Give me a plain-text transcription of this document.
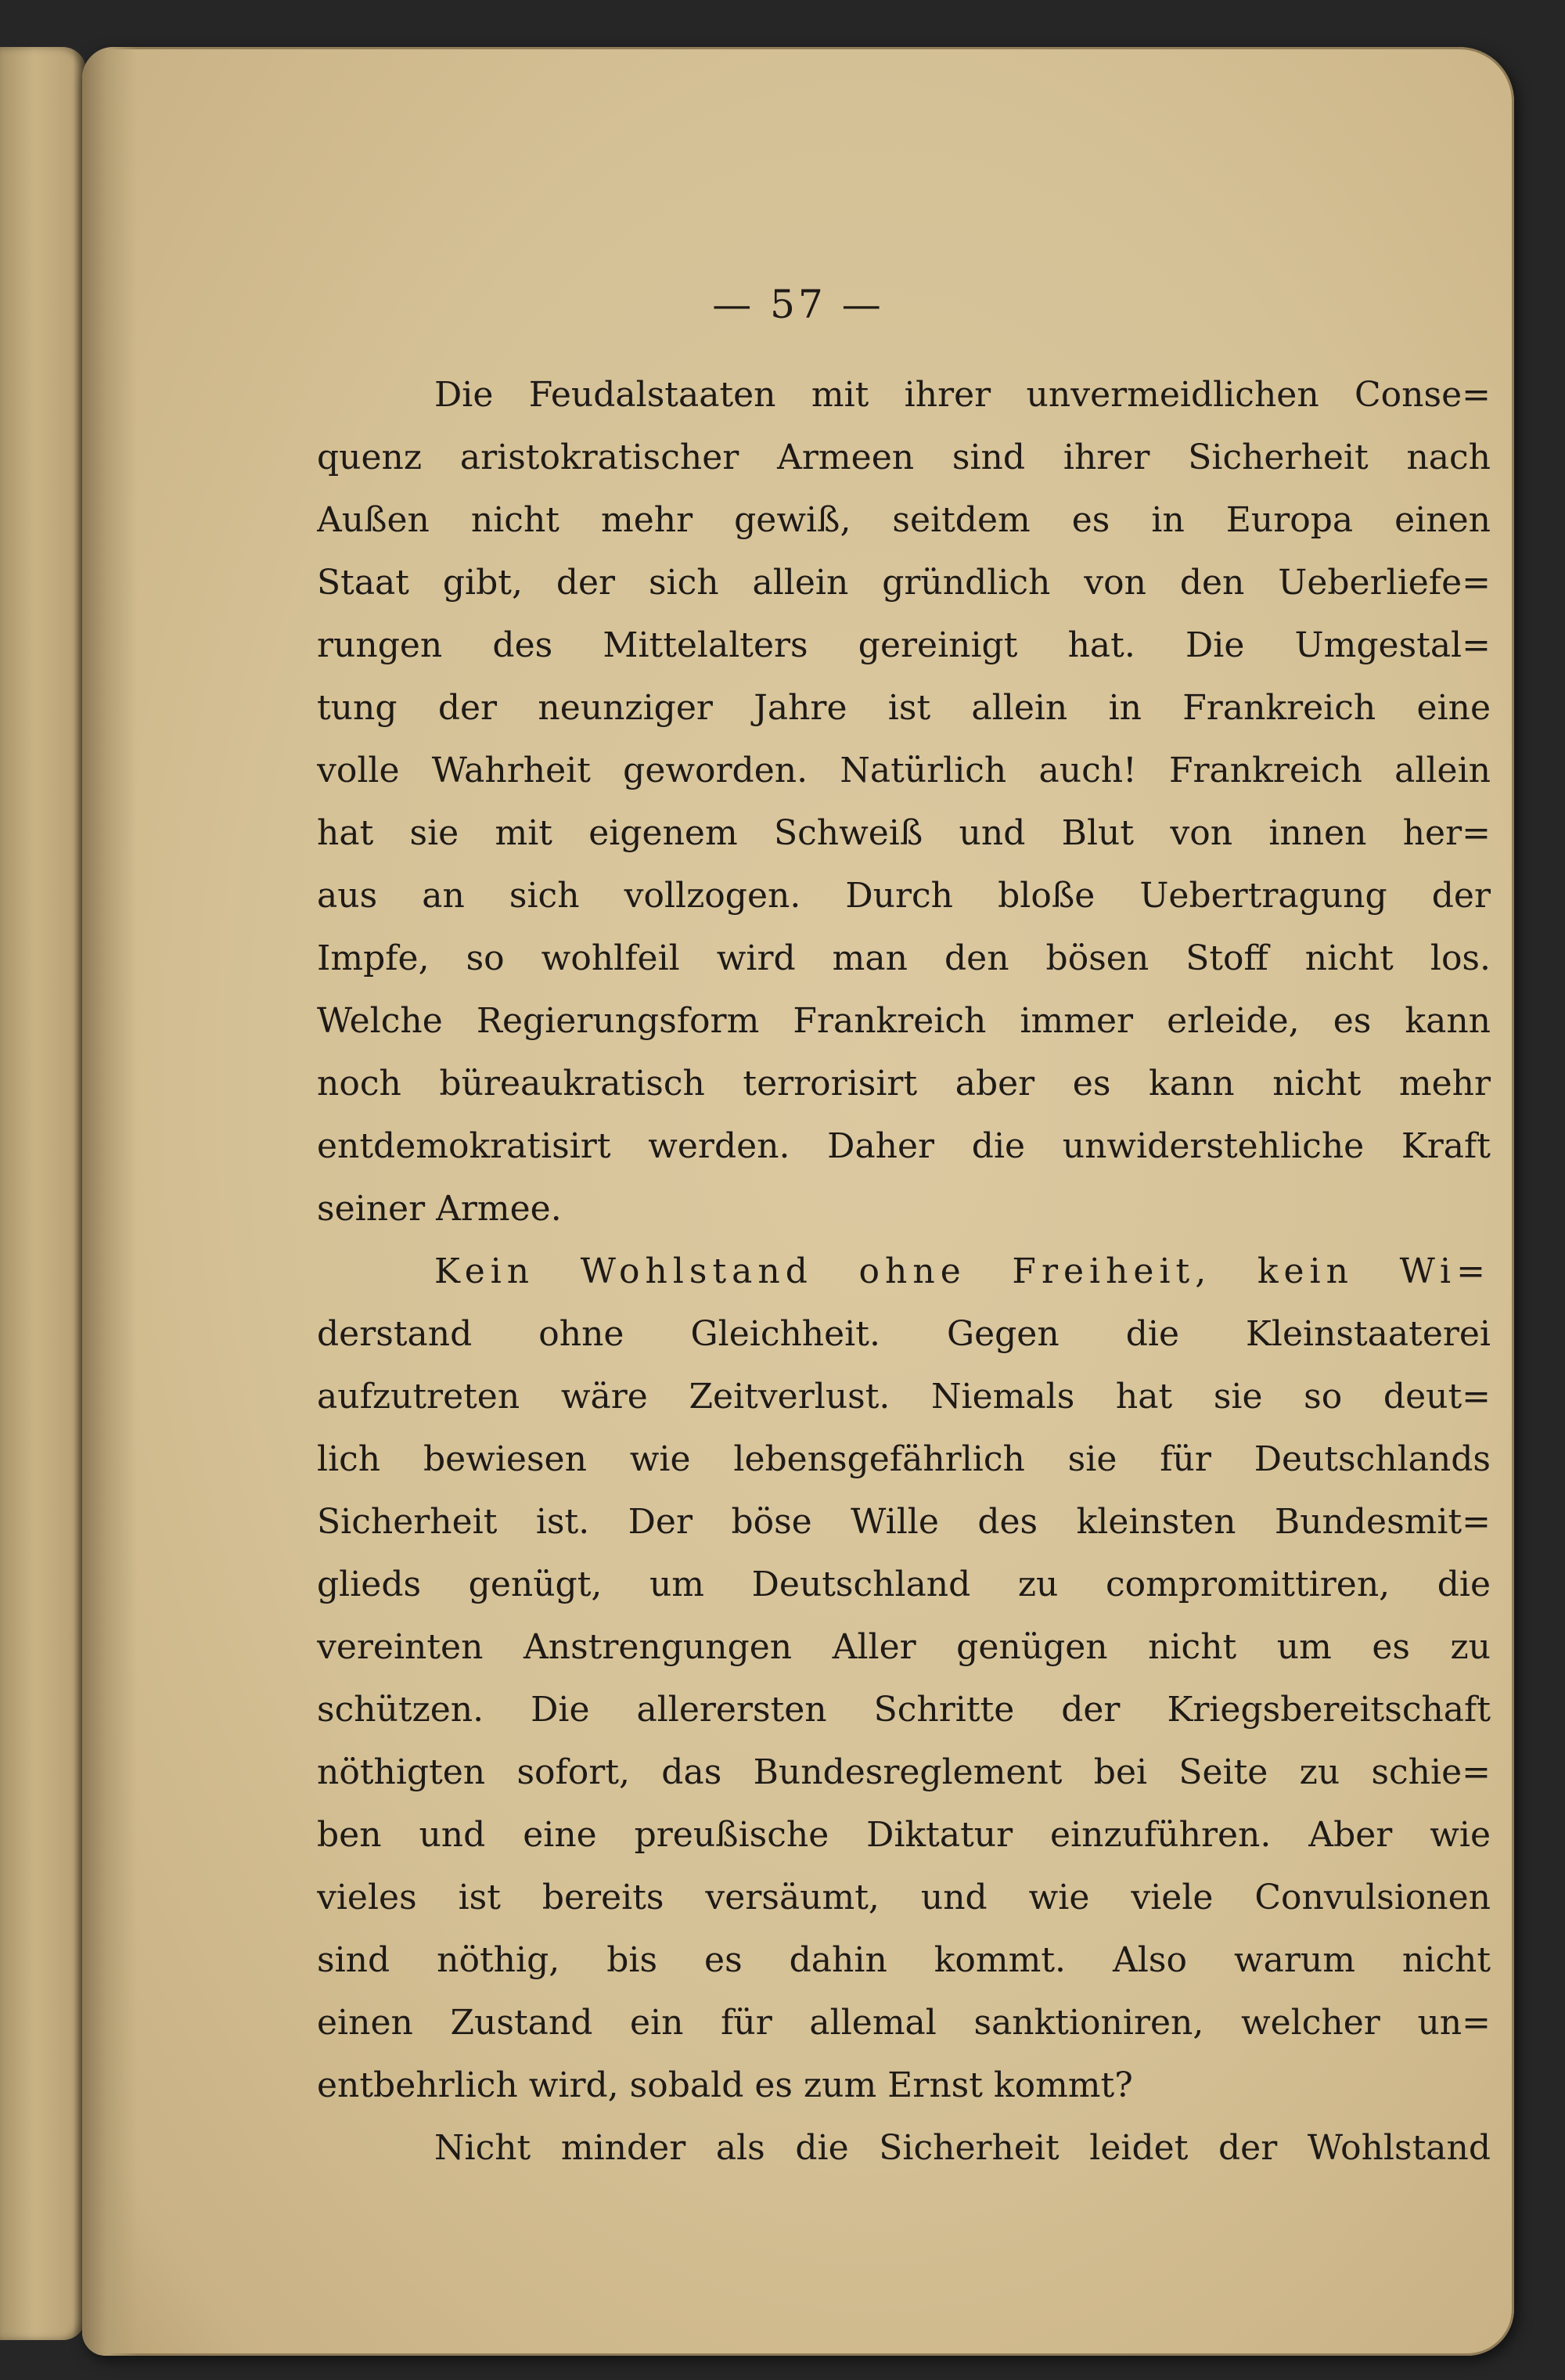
— 57 —
Die Feudalstaaten mit ihrer unvermeidlichen Conse=
quenz aristokratischer Armeen sind ihrer Sicherheit nach
Außen nicht mehr gewiß, seitdem es in Europa einen
Staat gibt, der sich allein gründlich von den Ueberliefe=
rungen des Mittelalters gereinigt hat. Die Umgestal=
tung der neunziger Jahre ist allein in Frankreich eine
volle Wahrheit geworden. Natürlich auch! Frankreich allein
hat sie mit eigenem Schweiß und Blut von innen her=
aus an sich vollzogen. Durch bloße Uebertragung der
Impfe, so wohlfeil wird man den bösen Stoff nicht los.
Welche Regierungsform Frankreich immer erleide, es kann
noch büreaukratisch terrorisirt aber es kann nicht mehr
entdemokratisirt werden. Daher die unwiderstehliche Kraft
seiner Armee.
Kein Wohlstand ohne Freiheit, kein Wi=
derstand ohne Gleichheit. Gegen die Kleinstaaterei
aufzutreten wäre Zeitverlust. Niemals hat sie so deut=
lich bewiesen wie lebensgefährlich sie für Deutschlands
Sicherheit ist. Der böse Wille des kleinsten Bundesmit=
glieds genügt, um Deutschland zu compromittiren, die
vereinten Anstrengungen Aller genügen nicht um es zu
schützen. Die allerersten Schritte der Kriegsbereitschaft
nöthigten sofort, das Bundesreglement bei Seite zu schie=
ben und eine preußische Diktatur einzuführen. Aber wie
vieles ist bereits versäumt, und wie viele Convulsionen
sind nöthig, bis es dahin kommt. Also warum nicht
einen Zustand ein für allemal sanktioniren, welcher un=
entbehrlich wird, sobald es zum Ernst kommt?
Nicht minder als die Sicherheit leidet der Wohlstand
